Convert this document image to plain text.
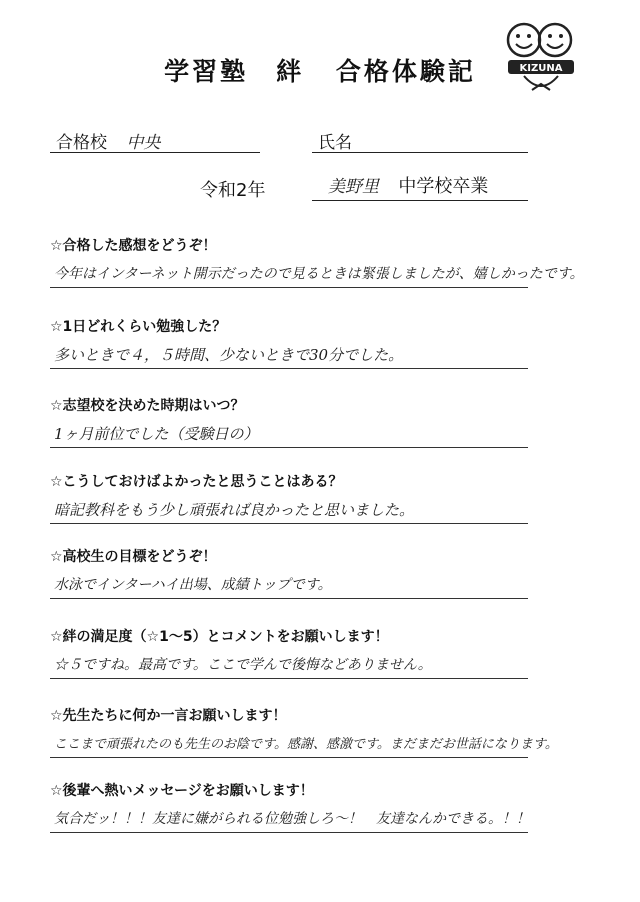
学習塾　絆 合格体験記	KIZUNA
合格校 中央	氏名
令和2年	美野里 中学校卒業
☆合格した感想をどうぞ！
今年はインターネット開示だったので見るときは緊張しましたが、嬉しかったです。
☆1日どれくらい勉強した？
多いときで４，５時間、少ないときで30分でした。
☆志望校を決めた時期はいつ？
1ヶ月前位でした（受験日の）
☆こうしておけばよかったと思うことはある？
暗記教科をもう少し頑張れば良かったと思いました。
☆高校生の目標をどうぞ！
水泳でインターハイ出場、成績トップです。
☆絆の満足度（☆1～5）とコメントをお願いします！
☆５ですね。最高です。ここで学んで後悔などありません。
☆先生たちに何か一言お願いします！
ここまで頑張れたのも先生のお陰です。感謝、感激です。まだまだお世話になります。
☆後輩へ熱いメッセージをお願いします！
気合だッ！！！友達に嫌がられる位勉強しろ～！　友達なんかできる。！！
